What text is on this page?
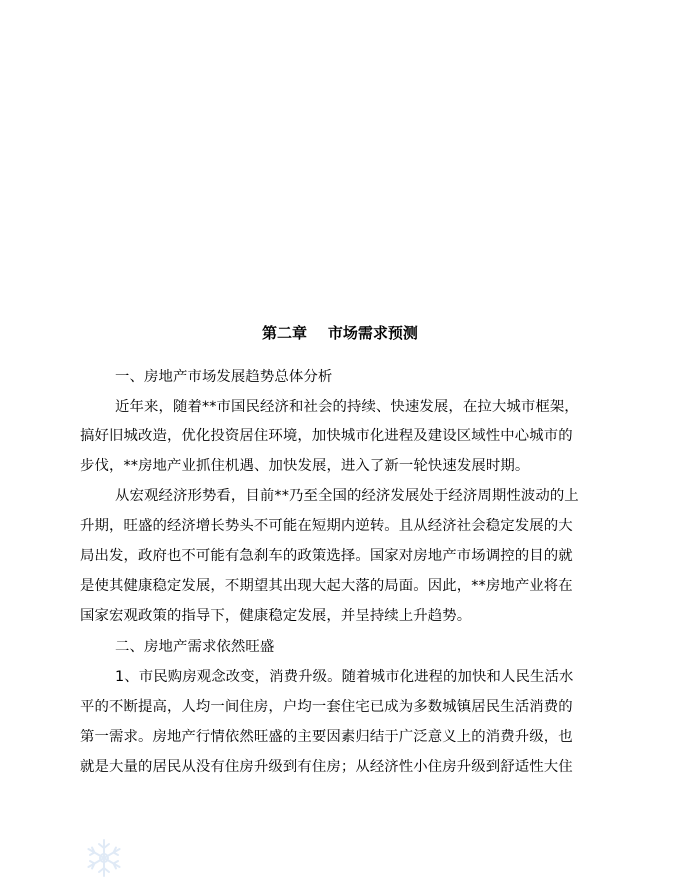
第二章    市场需求预测
一、房地产市场发展趋势总体分析
近年来，随着**市国民经济和社会的持续、快速发展，在拉大城市框架，
搞好旧城改造，优化投资居住环境，加快城市化进程及建设区域性中心城市的
步伐，**房地产业抓住机遇、加快发展，进入了新一轮快速发展时期。
从宏观经济形势看，目前**乃至全国的经济发展处于经济周期性波动的上
升期，旺盛的经济增长势头不可能在短期内逆转。且从经济社会稳定发展的大
局出发，政府也不可能有急刹车的政策选择。国家对房地产市场调控的目的就
是使其健康稳定发展，不期望其出现大起大落的局面。因此，**房地产业将在
国家宏观政策的指导下，健康稳定发展，并呈持续上升趋势。
二、房地产需求依然旺盛
1、市民购房观念改变，消费升级。随着城市化进程的加快和人民生活水
平的不断提高，人均一间住房，户均一套住宅已成为多数城镇居民生活消费的
第一需求。房地产行情依然旺盛的主要因素归结于广泛意义上的消费升级，也
就是大量的居民从没有住房升级到有住房；从经济性小住房升级到舒适性大住
